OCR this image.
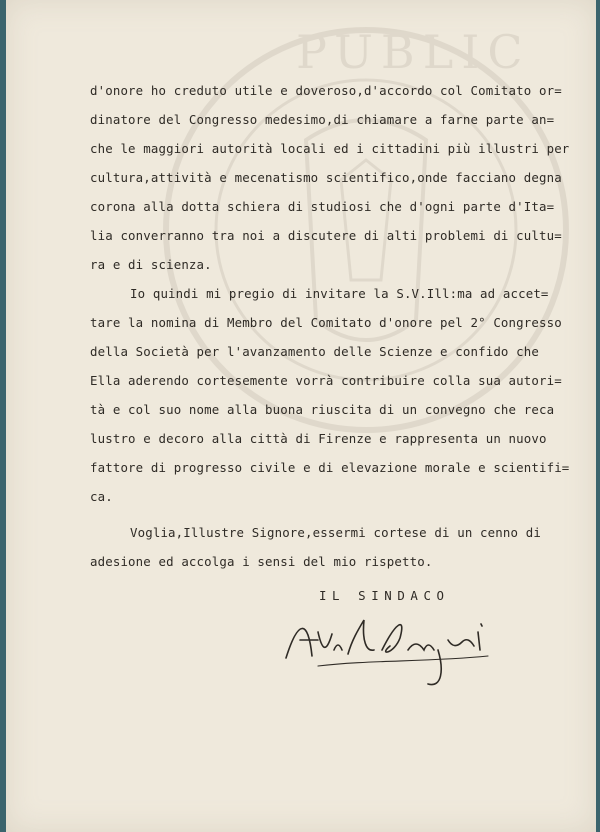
PUBLIC
d'onore ho creduto utile e doveroso,d'accordo col Comitato or=
dinatore del Congresso medesimo,di chiamare a farne parte an=
che le maggiori autorità locali ed i cittadini più illustri per
cultura,attività e mecenatismo scientifico,onde facciano degna
corona alla dotta schiera di studiosi che d'ogni parte d'Ita=
lia converranno tra noi a discutere di alti problemi di cultu=
ra e di scienza.
Io quindi mi pregio di invitare la S.V.Ill:ma ad accet=
tare la nomina di Membro del Comitato d'onore pel 2° Congresso
della Società per l'avanzamento delle Scienze e confido che
Ella aderendo cortesemente vorrà contribuire colla sua autori=
tà e col suo nome alla buona riuscita di un convegno che reca
lustro e decoro alla città di Firenze e rappresenta un nuovo
fattore di progresso civile e di elevazione morale e scientifi=
ca.
Voglia,Illustre Signore,essermi cortese di un cenno di
adesione ed accolga i sensi del mio rispetto.
IL SINDACO
